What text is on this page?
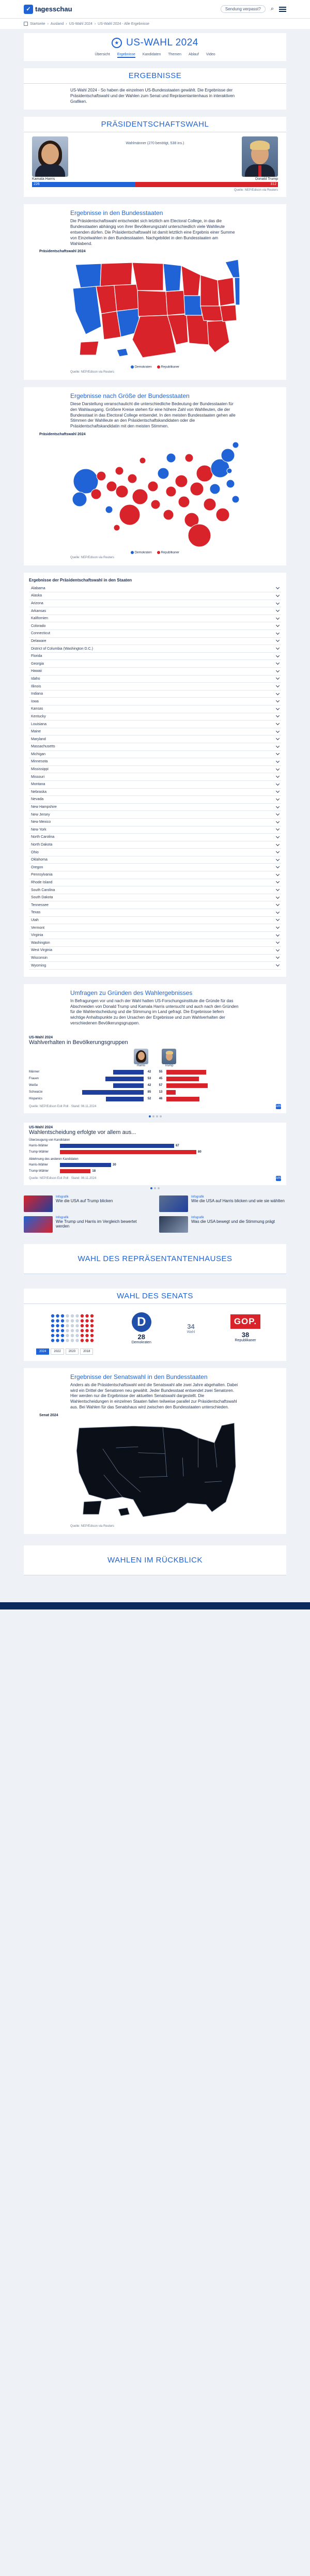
✓ tagesschau	Sendung verpasst?	⌕
Startseite › Ausland › US-Wahl 2024 › US-Wahl 2024 - Alle Ergebnisse
★ US-WAHL 2024
Übersicht Ergebnisse Kandidaten Themen Ablauf Video
ERGEBNISSE

US-Wahl 2024 - So haben die einzelnen US-Bundesstaaten gewählt. Die Ergebnisse der Präsidentschaftswahl und der Wahlen zum Senat und Repräsentantenhaus in interaktiven Grafiken.

PRÄSIDENTSCHAFTSWAHL
Wahlmänner (270 benötigt, 538 ins.)
Kamala Harris	Donald Trump
226	312

Quelle: NEP/Edison via Reuters

Ergebnisse in den Bundesstaaten

Die Präsidentschaftswahl entscheidet sich letztlich am Electoral College, in das die Bundesstaaten abhängig von ihrer Bevölkerungszahl unterschiedlich viele Wahlleute entsenden dürfen. Die Präsidentschaftswahl ist damit letztlich eine Ergebnis einer Summe von Einzelwahlen in den Bundesstaaten. Nachgebildet in den Bundesstaaten am Wahlabend.

Präsidentschaftswahl 2024
Demokraten	Republikaner

Quelle: NEP/Edison via Reuters

Ergebnisse nach Größe der Bundesstaaten

Diese Darstellung veranschaulicht die unterschiedliche Bedeutung der Bundesstaaten für den Wahlausgang. Größere Kreise stehen für eine höhere Zahl von Wahlleuten, die der Bundesstaat in das Electoral College entsendet. In den meisten Bundesstaaten gehen alle Stimmen der Wahlleute an den Präsidentschaftskandidaten oder die Präsidentschaftskandidatin mit den meisten Stimmen.

Präsidentschaftswahl 2024
Demokraten	Republikaner

Quelle: NEP/Edison via Reuters

Ergebnisse der Präsidentschaftswahl in den Staaten
Alabama
Alaska
Arizona
Arkansas
Kalifornien
Colorado
Connecticut
Delaware
District of Columbia (Washington D.C.)
Florida
Georgia
Hawaii
Idaho
Illinois
Indiana
Iowa
Kansas
Kentucky
Louisiana
Maine
Maryland
Massachusetts
Michigan
Minnesota
Mississippi
Missouri
Montana
Nebraska
Nevada
New Hampshire
New Jersey
New Mexico
New York
North Carolina
North Dakota
Ohio
Oklahoma
Oregon
Pennsylvania
Rhode Island
South Carolina
South Dakota
Tennessee
Texas
Utah
Vermont
Virginia
Washington
West Virginia
Wisconsin
Wyoming
Umfragen zu Gründen des Wahlergebnisses

In Befragungen vor und nach der Wahl hatten US-Forschungsinstitute die Gründe für das Abschneiden von Donald Trump und Kamala Harris untersucht und auch nach den Gründen für die Wahlentscheidung und die Stimmung im Land gefragt. Die Ergebnisse liefern wichtige Anhaltspunkte zu den Ursachen der Ergebnisse und zum Wahlverhalten der verschiedenen Bevölkerungsgruppen.

US-Wahl 2024
Wahlverhalten in Bevölkerungsgruppen
Harris	Trump
Männer	42	55
Frauen	53	45
Weiße	42	57
Schwarze	85	13
Hispanics	52	46
Quelle: NEP/Edison Exit Poll · Stand: 06.11.2024	ARD
US-Wahl 2024
Wahlentscheidung erfolgte vor allem aus...
Überzeugung von Kandidaten
Harris-Wähler	67
Trump-Wähler	80
Ablehnung des anderen Kandidaten
Harris-Wähler	30
Trump-Wähler	18
Quelle: NEP/Edison Exit Poll · Stand: 06.11.2024	ARD
Infografik
Wie die USA auf Trump blicken
Infografik
Wie die USA auf Harris blicken und wie sie wählten
Infografik
Wie Trump und Harris im Vergleich bewertet werden
Infografik
Was die USA bewegt und die Stimmung prägt
WAHL DES REPRÄSENTANTENHAUSES
WAHL DES SENATS
D
28
Demokraten
34
Wahl
GOP.
38
Republikaner
2024	2022	2020	2018
Ergebnisse der Senatswahl in den Bundesstaaten

Anders als die Präsidentschaftswahl wird die Senatswahl alle zwei Jahre abgehalten. Dabei wird ein Drittel der Senatoren neu gewählt. Jeder Bundesstaat entsendet zwei Senatoren. Hier werden nur die Ergebnisse der aktuellen Senatswahl dargestellt. Die Wahlentscheidungen in einzelnen Staaten fallen teilweise parallel zur Präsidentschaftswahl aus. Bei Wahlen für das Senatshaus wird zwischen den Bundesstaaten unterschieden.

Senat 2024

Quelle: NEP/Edison via Reuters

WAHLEN IM RÜCKBLICK
